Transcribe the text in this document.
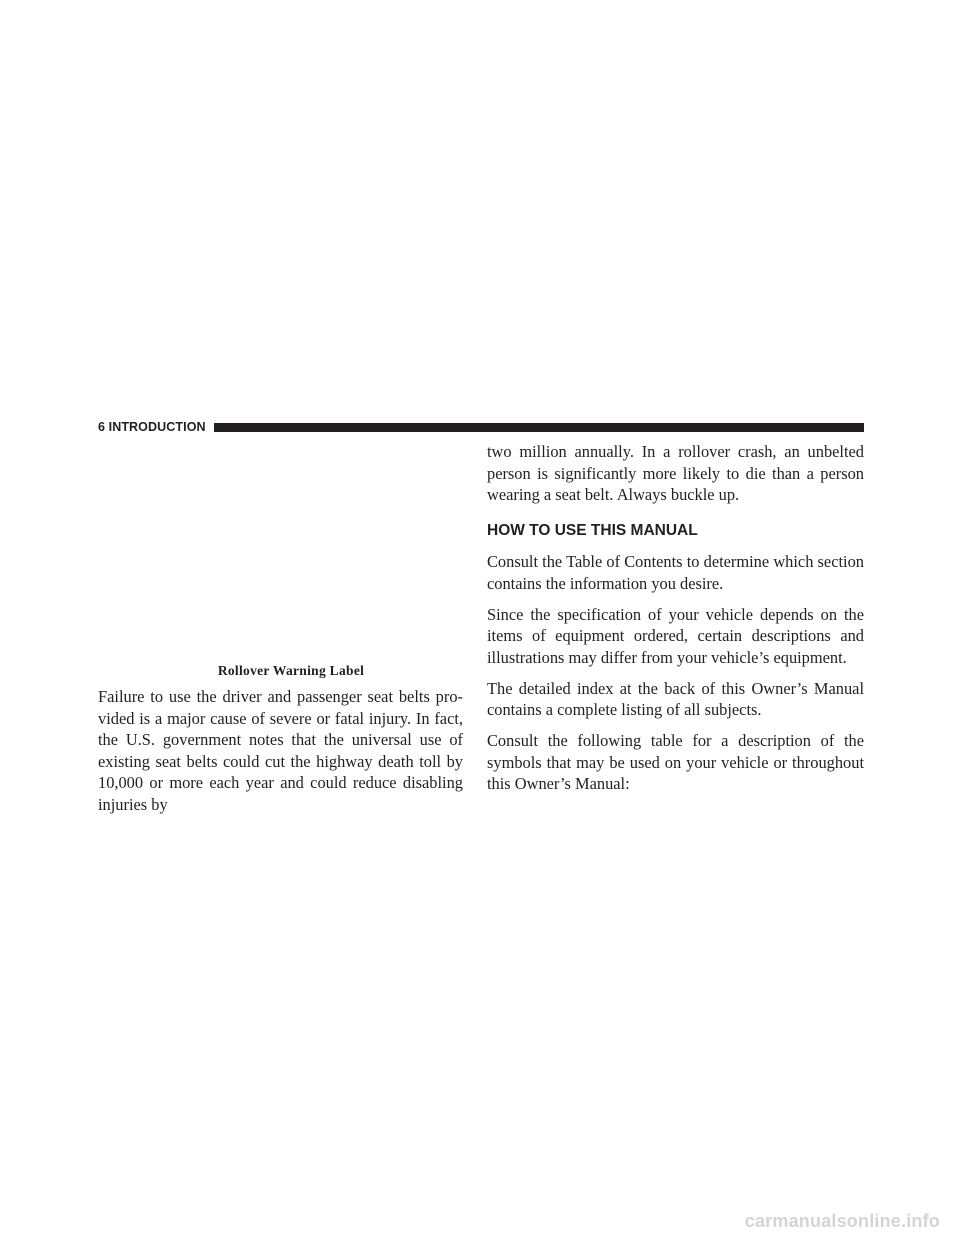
6 INTRODUCTION
Rollover Warning Label

Failure to use the driver and passenger seat belts pro-vided is a major cause of severe or fatal injury. In fact, the U.S. government notes that the universal use of existing seat belts could cut the highway death toll by 10,000 or more each year and could reduce disabling injuries by

two million annually. In a rollover crash, an unbelted person is significantly more likely to die than a person wearing a seat belt. Always buckle up.

HOW TO USE THIS MANUAL

Consult the Table of Contents to determine which section contains the information you desire.

Since the specification of your vehicle depends on the items of equipment ordered, certain descriptions and illustrations may differ from your vehicle’s equipment.

The detailed index at the back of this Owner’s Manual contains a complete listing of all subjects.

Consult the following table for a description of the symbols that may be used on your vehicle or throughout this Owner’s Manual:

carmanualsonline.info
